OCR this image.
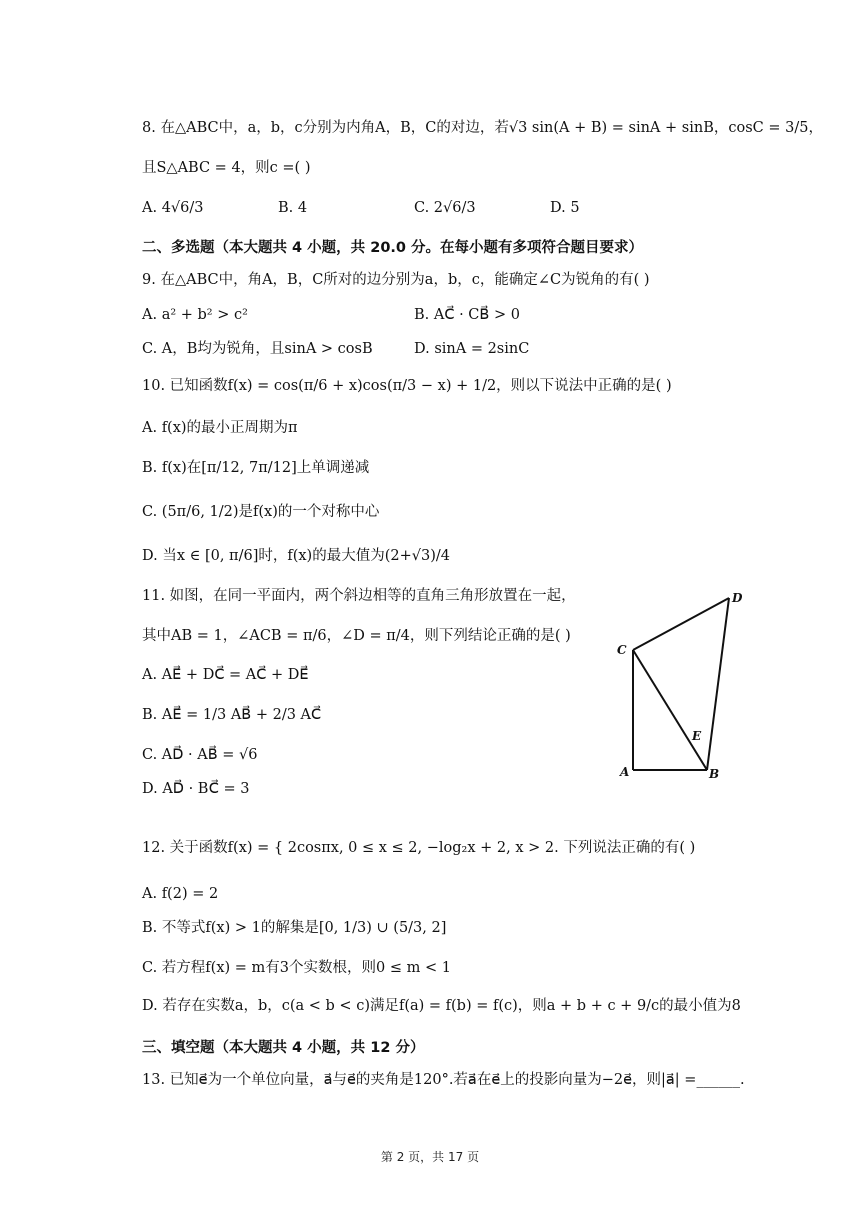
8. 在△ABC中，a，b，c分别为内角A，B，C的对边，若√3 sin(A + B) = sinA + sinB，cosC = 3/5，
且S△ABC = 4，则c =( )
A. 4√6/3	B. 4	C. 2√6/3	D. 5
二、多选题（本大题共 4 小题，共 20.0 分。在每小题有多项符合题目要求）
9. 在△ABC中，角A，B，C所对的边分别为a，b，c，能确定∠C为锐角的有( )
A. a² + b² > c²	B. AC⃗ · CB⃗ > 0
C. A，B均为锐角，且sinA > cosB	D. sinA = 2sinC
10. 已知函数f(x) = cos(π/6 + x)cos(π/3 − x) + 1/2，则以下说法中正确的是( )
A. f(x)的最小正周期为π
B. f(x)在[π/12, 7π/12]上单调递减
C. (5π/6, 1/2)是f(x)的一个对称中心
D. 当x ∈ [0, π/6]时，f(x)的最大值为(2+√3)/4
11. 如图，在同一平面内，两个斜边相等的直角三角形放置在一起，
其中AB = 1，∠ACB = π/6，∠D = π/4，则下列结论正确的是( )
A. AE⃗ + DC⃗ = AC⃗ + DE⃗
B. AE⃗ = 1/3 AB⃗ + 2/3 AC⃗
C. AD⃗ · AB⃗ = √6
D. AD⃗ · BC⃗ = 3
D
C
E
A	B
12. 关于函数f(x) = { 2cosπx, 0 ≤ x ≤ 2, −log₂x + 2, x > 2. 下列说法正确的有( )
A. f(2) = 2
B. 不等式f(x) > 1的解集是[0, 1/3) ∪ (5/3, 2]
C. 若方程f(x) = m有3个实数根，则0 ≤ m < 1
D. 若存在实数a，b，c(a < b < c)满足f(a) = f(b) = f(c)，则a + b + c + 9/c的最小值为8
三、填空题（本大题共 4 小题，共 12 分）
13. 已知e⃗为一个单位向量，a⃗与e⃗的夹角是120°.若a⃗在e⃗上的投影向量为−2e⃗，则|a⃗| =______.
第 2 页，共 17 页
